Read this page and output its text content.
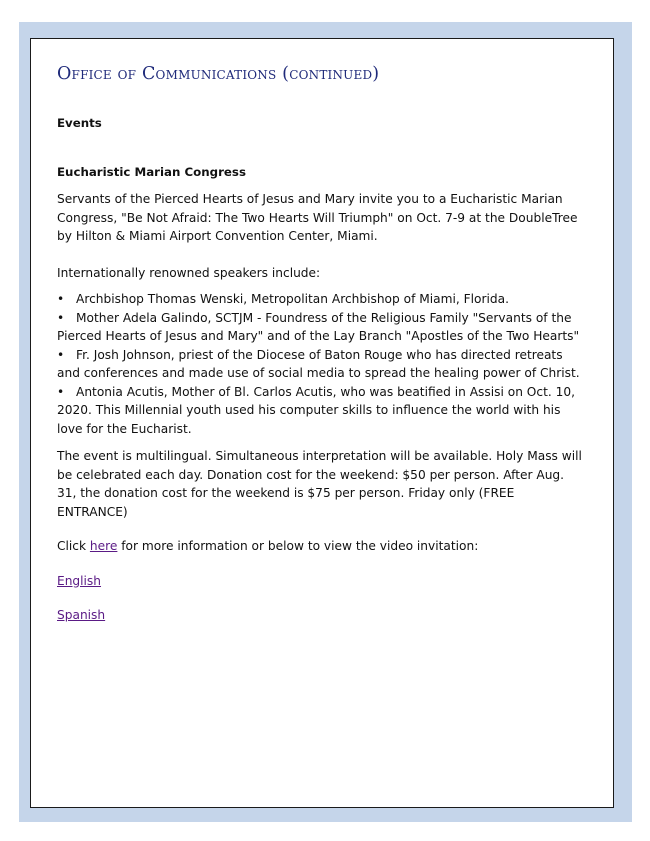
Office of Communications (continued)

Events

Eucharistic Marian Congress

Servants of the Pierced Hearts of Jesus and Mary invite you to a Eucharistic Marian Congress, "Be Not Afraid: The Two Hearts Will Triumph" on Oct. 7-9 at the DoubleTree by Hilton & Miami Airport Convention Center, Miami.

Internationally renowned speakers include:

• Archbishop Thomas Wenski, Metropolitan Archbishop of Miami, Florida.
• Mother Adela Galindo, SCTJM - Foundress of the Religious Family "Servants of the Pierced Hearts of Jesus and Mary" and of the Lay Branch "Apostles of the Two Hearts"
• Fr. Josh Johnson, priest of the Diocese of Baton Rouge who has directed retreats and conferences and made use of social media to spread the healing power of Christ.
• Antonia Acutis, Mother of Bl. Carlos Acutis, who was beatified in Assisi on Oct. 10, 2020. This Millennial youth used his computer skills to influence the world with his love for the Eucharist.

The event is multilingual. Simultaneous interpretation will be available. Holy Mass will be celebrated each day. Donation cost for the weekend: $50 per person. After Aug. 31, the donation cost for the weekend is $75 per person. Friday only (FREE ENTRANCE)

Click here for more information or below to view the video invitation:

English

Spanish
